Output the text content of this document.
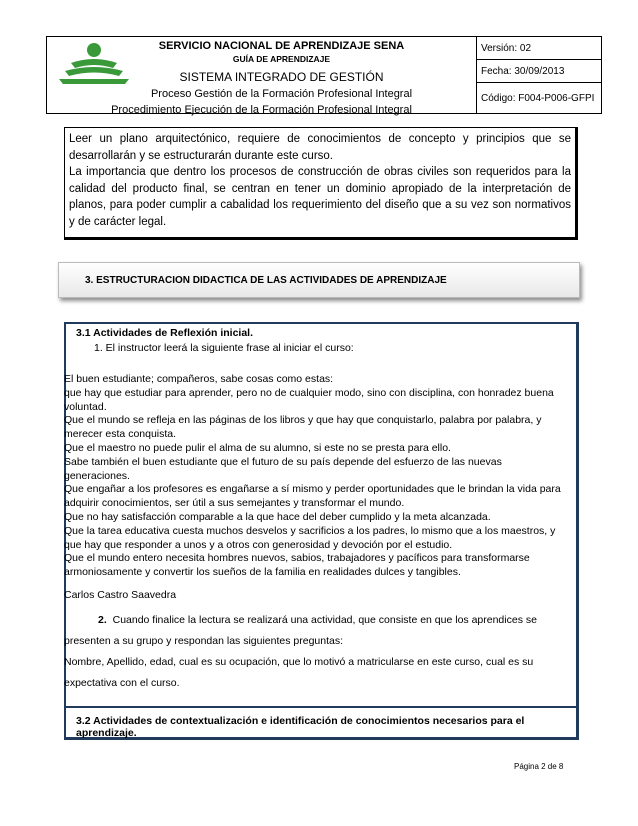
SERVICIO NACIONAL DE APRENDIZAJE SENA
GUÍA DE APRENDIZAJE
SISTEMA INTEGRADO DE GESTIÓN
Proceso Gestión de la Formación Profesional Integral
Procedimiento Ejecución de la Formación Profesional Integral
Versión: 02
Fecha: 30/09/2013
Código: F004-P006-GFPI

Leer un plano arquitectónico, requiere de conocimientos de concepto y principios que se desarrollarán y se estructurarán durante este curso.

La importancia que dentro los procesos de construcción de obras civiles son requeridos para la calidad del producto final, se centran en tener un dominio apropiado de la interpretación de planos, para poder cumplir a cabalidad los requerimiento del diseño que a su vez son normativos y de carácter legal.

3. ESTRUCTURACION DIDACTICA DE LAS ACTIVIDADES DE APRENDIZAJE
3.1 Actividades de Reflexión inicial.
1. El instructor leerá la siguiente frase al iniciar el curso:
El buen estudiante; compañeros, sabe cosas como estas:
que hay que estudiar para aprender, pero no de cualquier modo, sino con disciplina, con honradez buena
voluntad.
Que el mundo se refleja en las páginas de los libros y que hay que conquistarlo, palabra por palabra, y
merecer esta conquista.
Que el maestro no puede pulir el alma de su alumno, si este no se presta para ello.
Sabe también el buen estudiante que el futuro de su país depende del esfuerzo de las nuevas
generaciones.
Que engañar a los profesores es engañarse a sí mismo y perder oportunidades que le brindan la vida para
adquirir conocimientos, ser útil a sus semejantes y transformar el mundo.
Que no hay satisfacción comparable a la que hace del deber cumplido y la meta alcanzada.
Que la tarea educativa cuesta muchos desvelos y sacrificios a los padres, lo mismo que a los maestros, y
que hay que responder a unos y a otros con generosidad y devoción por el estudio.
Que el mundo entero necesita hombres nuevos, sabios, trabajadores y pacíficos para transformarse
armoniosamente y convertir los sueños de la familia en realidades dulces y tangibles.
Carlos Castro Saavedra
2. Cuando finalice la lectura se realizará una actividad, que consiste en que los aprendices se
presenten a su grupo y respondan las siguientes preguntas:
Nombre, Apellido, edad, cual es su ocupación, que lo motivó a matricularse en este curso, cual es su
expectativa con el curso.
3.2 Actividades de contextualización e identificación de conocimientos necesarios para el aprendizaje.
Página 2 de 8
